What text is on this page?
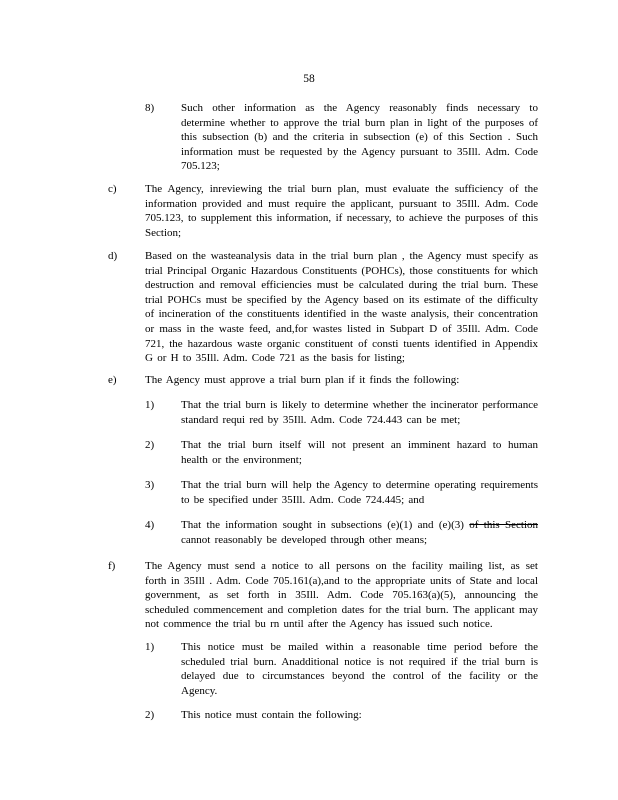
58
8) Such other information as the Agency reasonably finds necessary to determine whether to approve the trial burn plan in light of the purposes of this subsection (b) and the criteria in subsection (e) of this Section . Such information must be requested by the Agency pursuant to 35Ill. Adm. Code 705.123;

c)	The Agency, inreviewing the trial burn plan, must evaluate the sufficiency of the information provided and must require the applicant, pursuant to 35Ill. Adm. Code 705.123, to supplement this information, if necessary, to achieve the purposes of this Section;

d)	Based on the wasteanalysis data in the trial burn plan , the Agency must specify as trial Principal Organic Hazardous Constituents (POHCs), those constituents for which destruction and removal efficiencies must be calculated during the trial burn. These trial POHCs must be specified by the Agency based on its estimate of the difficulty of incineration of the constituents identified in the waste analysis, their concentration or mass in the waste feed, and,for wastes listed in Subpart D of 35Ill. Adm. Code 721, the hazardous waste organic constituent of consti tuents identified in Appendix G or H to 35Ill. Adm. Code 721 as the basis for listing;

e)	The Agency must approve a trial burn plan if it finds the following:

1) That the trial burn is likely to determine whether the incinerator performance standard requi red by 35Ill. Adm. Code 724.443 can be met;

2) That the trial burn itself will not present an imminent hazard to human health or the environment;

3) That the trial burn will help the Agency to determine operating requirements to be specified under 35Ill. Adm. Code 724.445; and

4) That the information sought in subsections (e)(1) and (e)(3) of this Section cannot reasonably be developed through other means;

f)	The Agency must send a notice to all persons on the facility mailing list, as set forth in 35Ill . Adm. Code 705.161(a),and to the appropriate units of State and local government, as set forth in 35Ill. Adm. Code 705.163(a)(5), announcing the scheduled commencement and completion dates for the trial burn. The applicant may not commence the trial bu rn until after the Agency has issued such notice.

1) This notice must be mailed within a reasonable time period before the scheduled trial burn. Anadditional notice is not required if the trial burn is delayed due to circumstances beyond the control of the facility or the Agency.

2) This notice must contain the following:
